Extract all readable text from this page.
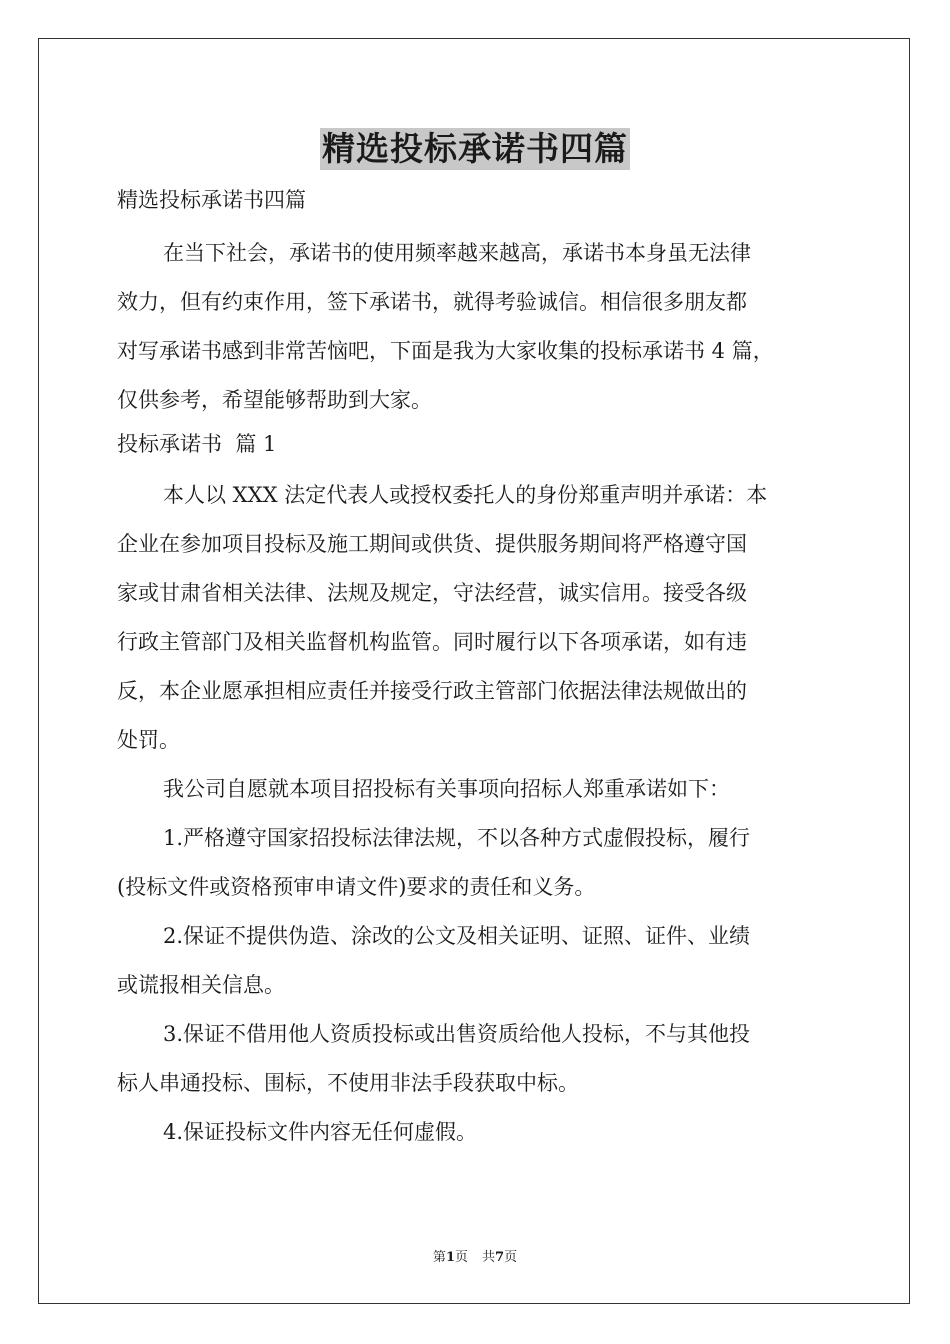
精选投标承诺书四篇

精选投标承诺书四篇

在当下社会，承诺书的使用频率越来越高，承诺书本身虽无法律
效力，但有约束作用，签下承诺书，就得考验诚信。相信很多朋友都
对写承诺书感到非常苦恼吧，下面是我为大家收集的投标承诺书 4 篇，
仅供参考，希望能够帮助到大家。

投标承诺书  篇 1

本人以 XXX 法定代表人或授权委托人的身份郑重声明并承诺：本
企业在参加项目投标及施工期间或供货、提供服务期间将严格遵守国
家或甘肃省相关法律、法规及规定，守法经营，诚实信用。接受各级
行政主管部门及相关监督机构监管。同时履行以下各项承诺，如有违
反，本企业愿承担相应责任并接受行政主管部门依据法律法规做出的
处罚。

我公司自愿就本项目招投标有关事项向招标人郑重承诺如下：

1.严格遵守国家招投标法律法规，不以各种方式虚假投标，履行
(投标文件或资格预审申请文件)要求的责任和义务。

2.保证不提供伪造、涂改的公文及相关证明、证照、证件、业绩
或谎报相关信息。

3.保证不借用他人资质投标或出售资质给他人投标，不与其他投
标人串通投标、围标，不使用非法手段获取中标。

4.保证投标文件内容无任何虚假。

第1页 共7页
